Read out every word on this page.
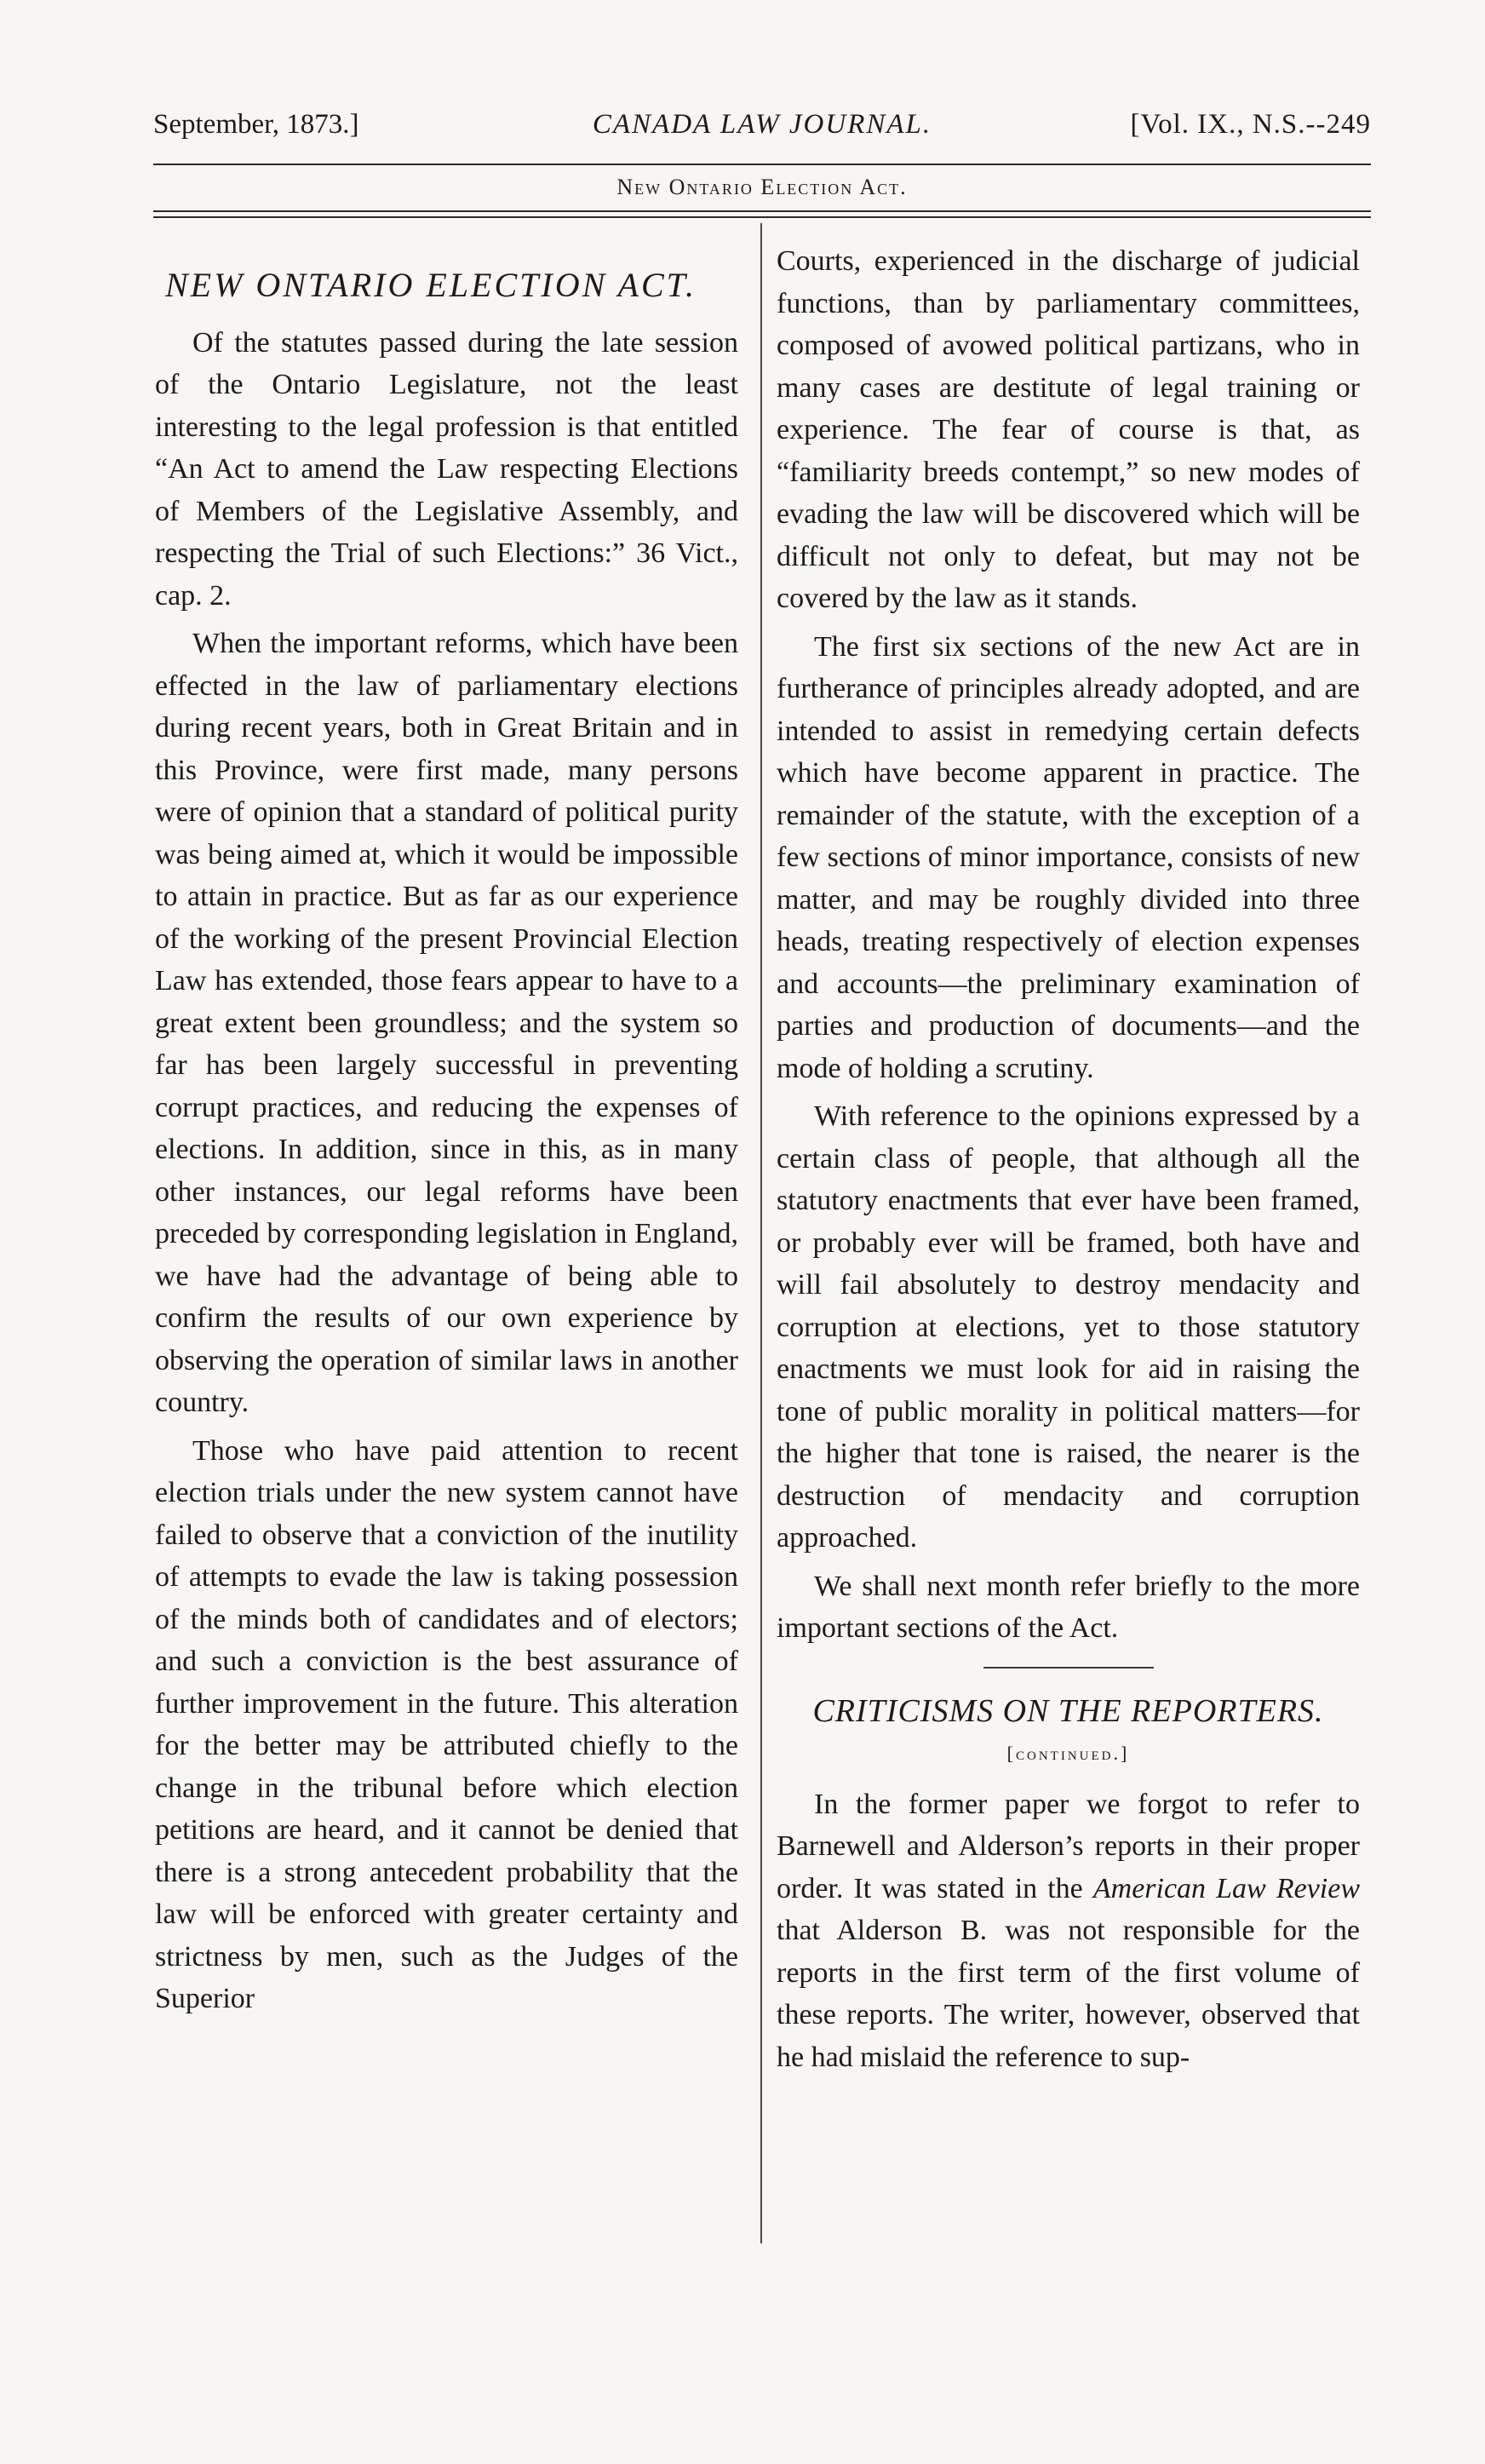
September, 1873.]	CANADA LAW JOURNAL.	[Vol. IX., N.S.--249
New Ontario Election Act.
NEW ONTARIO ELECTION ACT.

Of the statutes passed during the late session of the Ontario Legislature, not the least interesting to the legal profession is that entitled “An Act to amend the Law respecting Elections of Members of the Legislative Assembly, and respecting the Trial of such Elections:” 36 Vict., cap. 2.

When the important reforms, which have been effected in the law of parliamentary elections during recent years, both in Great Britain and in this Province, were first made, many persons were of opinion that a standard of political purity was being aimed at, which it would be impossible to attain in practice. But as far as our experience of the working of the present Provincial Election Law has extended, those fears appear to have to a great extent been groundless; and the system so far has been largely successful in preventing corrupt practices, and reducing the expenses of elections. In addition, since in this, as in many other instances, our legal reforms have been preceded by corresponding legislation in England, we have had the advantage of being able to confirm the results of our own experience by observing the operation of similar laws in another country.

Those who have paid attention to recent election trials under the new system cannot have failed to observe that a conviction of the inutility of attempts to evade the law is taking possession of the minds both of candidates and of electors; and such a conviction is the best assurance of further improvement in the future. This alteration for the better may be attributed chiefly to the change in the tribunal before which election petitions are heard, and it cannot be denied that there is a strong antecedent probability that the law will be enforced with greater certainty and strictness by men, such as the Judges of the Superior

Courts, experienced in the discharge of judicial functions, than by parliamentary committees, composed of avowed political partizans, who in many cases are destitute of legal training or experience. The fear of course is that, as “familiarity breeds contempt,” so new modes of evading the law will be discovered which will be difficult not only to defeat, but may not be covered by the law as it stands.

The first six sections of the new Act are in furtherance of principles already adopted, and are intended to assist in remedying certain defects which have become apparent in practice. The remainder of the statute, with the exception of a few sections of minor importance, consists of new matter, and may be roughly divided into three heads, treating respectively of election expenses and accounts—the preliminary examination of parties and production of documents—and the mode of holding a scrutiny.

With reference to the opinions expressed by a certain class of people, that although all the statutory enactments that ever have been framed, or probably ever will be framed, both have and will fail absolutely to destroy mendacity and corruption at elections, yet to those statutory enactments we must look for aid in raising the tone of public morality in political matters—for the higher that tone is raised, the nearer is the destruction of mendacity and corruption approached.

We shall next month refer briefly to the more important sections of the Act.

CRITICISMS ON THE REPORTERS.
[continued.]

In the former paper we forgot to refer to Barnewell and Alderson’s reports in their proper order. It was stated in the American Law Review that Alderson B. was not responsible for the reports in the first term of the first volume of these reports. The writer, however, observed that he had mislaid the reference to sup-
